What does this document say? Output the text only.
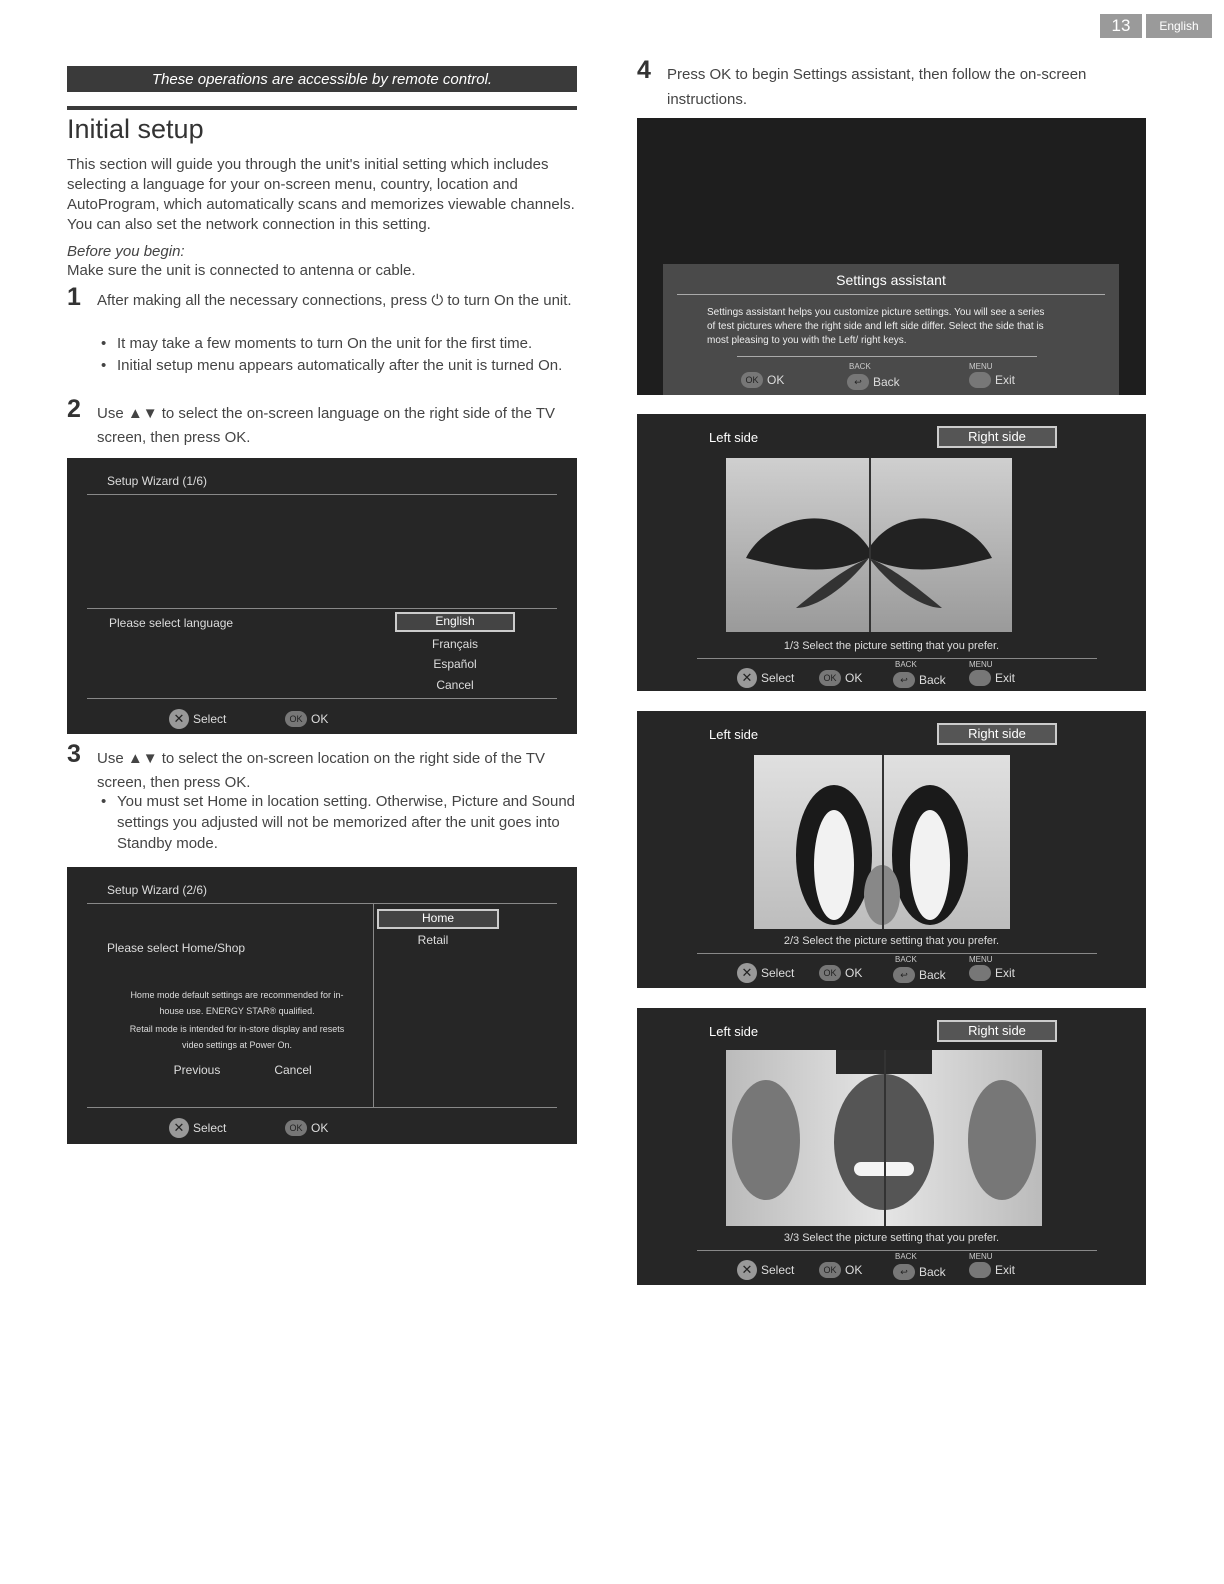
13	English
These operations are accessible by remote control.
Initial setup
This section will guide you through the unit's initial setting which includes selecting a language for your on-screen menu, country, location and AutoProgram, which automatically scans and memorizes viewable channels. You can also set the network connection in this setting.
Before you begin:
Make sure the unit is connected to antenna or cable.
1 After making all the necessary connections, press ⏻ to turn On the unit.
• It may take a few moments to turn On the unit for the first time.
• Initial setup menu appears automatically after the unit is turned On.
2 Use ▲▼ to select the on-screen language on the right side of the TV screen, then press OK.
Setup Wizard (1/6)
Please select language	English
Français
Español
Cancel
✕ Select	OK OK
3 Use ▲▼ to select the on-screen location on the right side of the TV screen, then press OK.
• You must set Home in location setting. Otherwise, Picture and Sound settings you adjusted will not be memorized after the unit goes into Standby mode.
Setup Wizard (2/6)
Please select Home/Shop
Home
Retail
Home mode default settings are recommended for in-house use. ENERGY STAR® qualified.
Retail mode is intended for in-store display and resets video settings at Power On.
Previous	Cancel
✕ Select	OK OK
4 Press OK to begin Settings assistant, then follow the on-screen instructions.
Settings assistant
Settings assistant helps you customize picture settings. You will see a series of test pictures where the right side and left side differ. Select the side that is most pleasing to you with the Left/ right keys.
OK OK
BACK
↩ Back
MENU
Exit
Left side	Right side
1/3 Select the picture setting that you prefer.
✕ Select	OK OK
BACK
↩ Back
MENU
Exit
Left side	Right side
2/3 Select the picture setting that you prefer.
✕ Select	OK OK
BACK
↩ Back
MENU
Exit
Left side	Right side
3/3 Select the picture setting that you prefer.
✕ Select	OK OK
BACK
↩ Back
MENU
Exit
